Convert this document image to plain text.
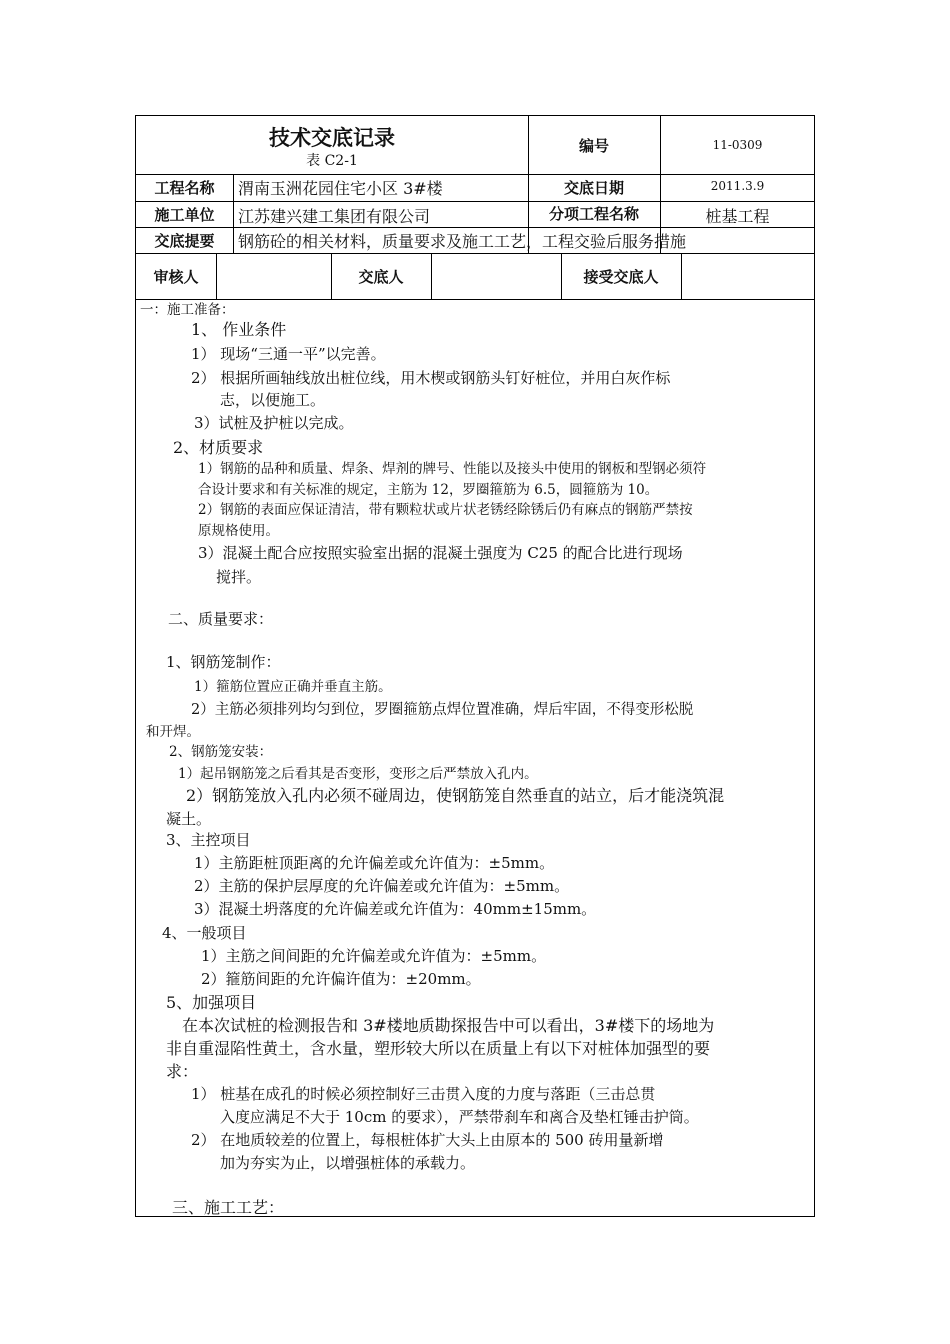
技术交底记录
表 C2-1
编号	11-0309
工程名称	渭南玉洲花园住宅小区 3#楼	交底日期	2011.3.9
施工单位	江苏建兴建工集团有限公司	分项工程名称	桩基工程
交底提要	钢筋砼的相关材料，质量要求及施工工艺，工程交验后服务措施
审核人	交底人	接受交底人
一：施工准备：
1、 作业条件
1） 现场“三通一平”以完善。
2） 根据所画轴线放出桩位线，用木楔或钢筋头钉好桩位，并用白灰作标
志，以便施工。
3）试桩及护桩以完成。
2、材质要求
1）钢筋的品种和质量、焊条、焊剂的牌号、性能以及接头中使用的钢板和型钢必须符
合设计要求和有关标准的规定，主筋为 12，罗圈箍筋为 6.5，圆箍筋为 10。
2）钢筋的表面应保证清洁，带有颗粒状或片状老锈经除锈后仍有麻点的钢筋严禁按
原规格使用。
3）混凝土配合应按照实验室出据的混凝土强度为 C25 的配合比进行现场
搅拌。
二、质量要求：
1、钢筋笼制作：
1）箍筋位置应正确并垂直主筋。
2）主筋必须排列均匀到位，罗圈箍筋点焊位置准确，焊后牢固，不得变形松脱
和开焊。
2、钢筋笼安装：
1）起吊钢筋笼之后看其是否变形，变形之后严禁放入孔内。
2）钢筋笼放入孔内必须不碰周边，使钢筋笼自然垂直的站立，后才能浇筑混
凝土。
3、主控项目
1）主筋距桩顶距离的允许偏差或允许值为：±5mm。
2）主筋的保护层厚度的允许偏差或允许值为：±5mm。
3）混凝土坍落度的允许偏差或允许值为：40mm±15mm。
4、一般项目
1）主筋之间间距的允许偏差或允许值为：±5mm。
2）箍筋间距的允许偏许值为：±20mm。
5、加强项目
在本次试桩的检测报告和 3#楼地质勘探报告中可以看出，3#楼下的场地为
非自重湿陷性黄土，含水量，塑形较大所以在质量上有以下对桩体加强型的要
求：
1） 桩基在成孔的时候必须控制好三击贯入度的力度与落距（三击总贯
入度应满足不大于 10cm 的要求），严禁带刹车和离合及垫杠锤击护筒。
2） 在地质较差的位置上，每根桩体扩大头上由原本的 500 砖用量新增
加为夯实为止，以增强桩体的承载力。
三、施工工艺：
